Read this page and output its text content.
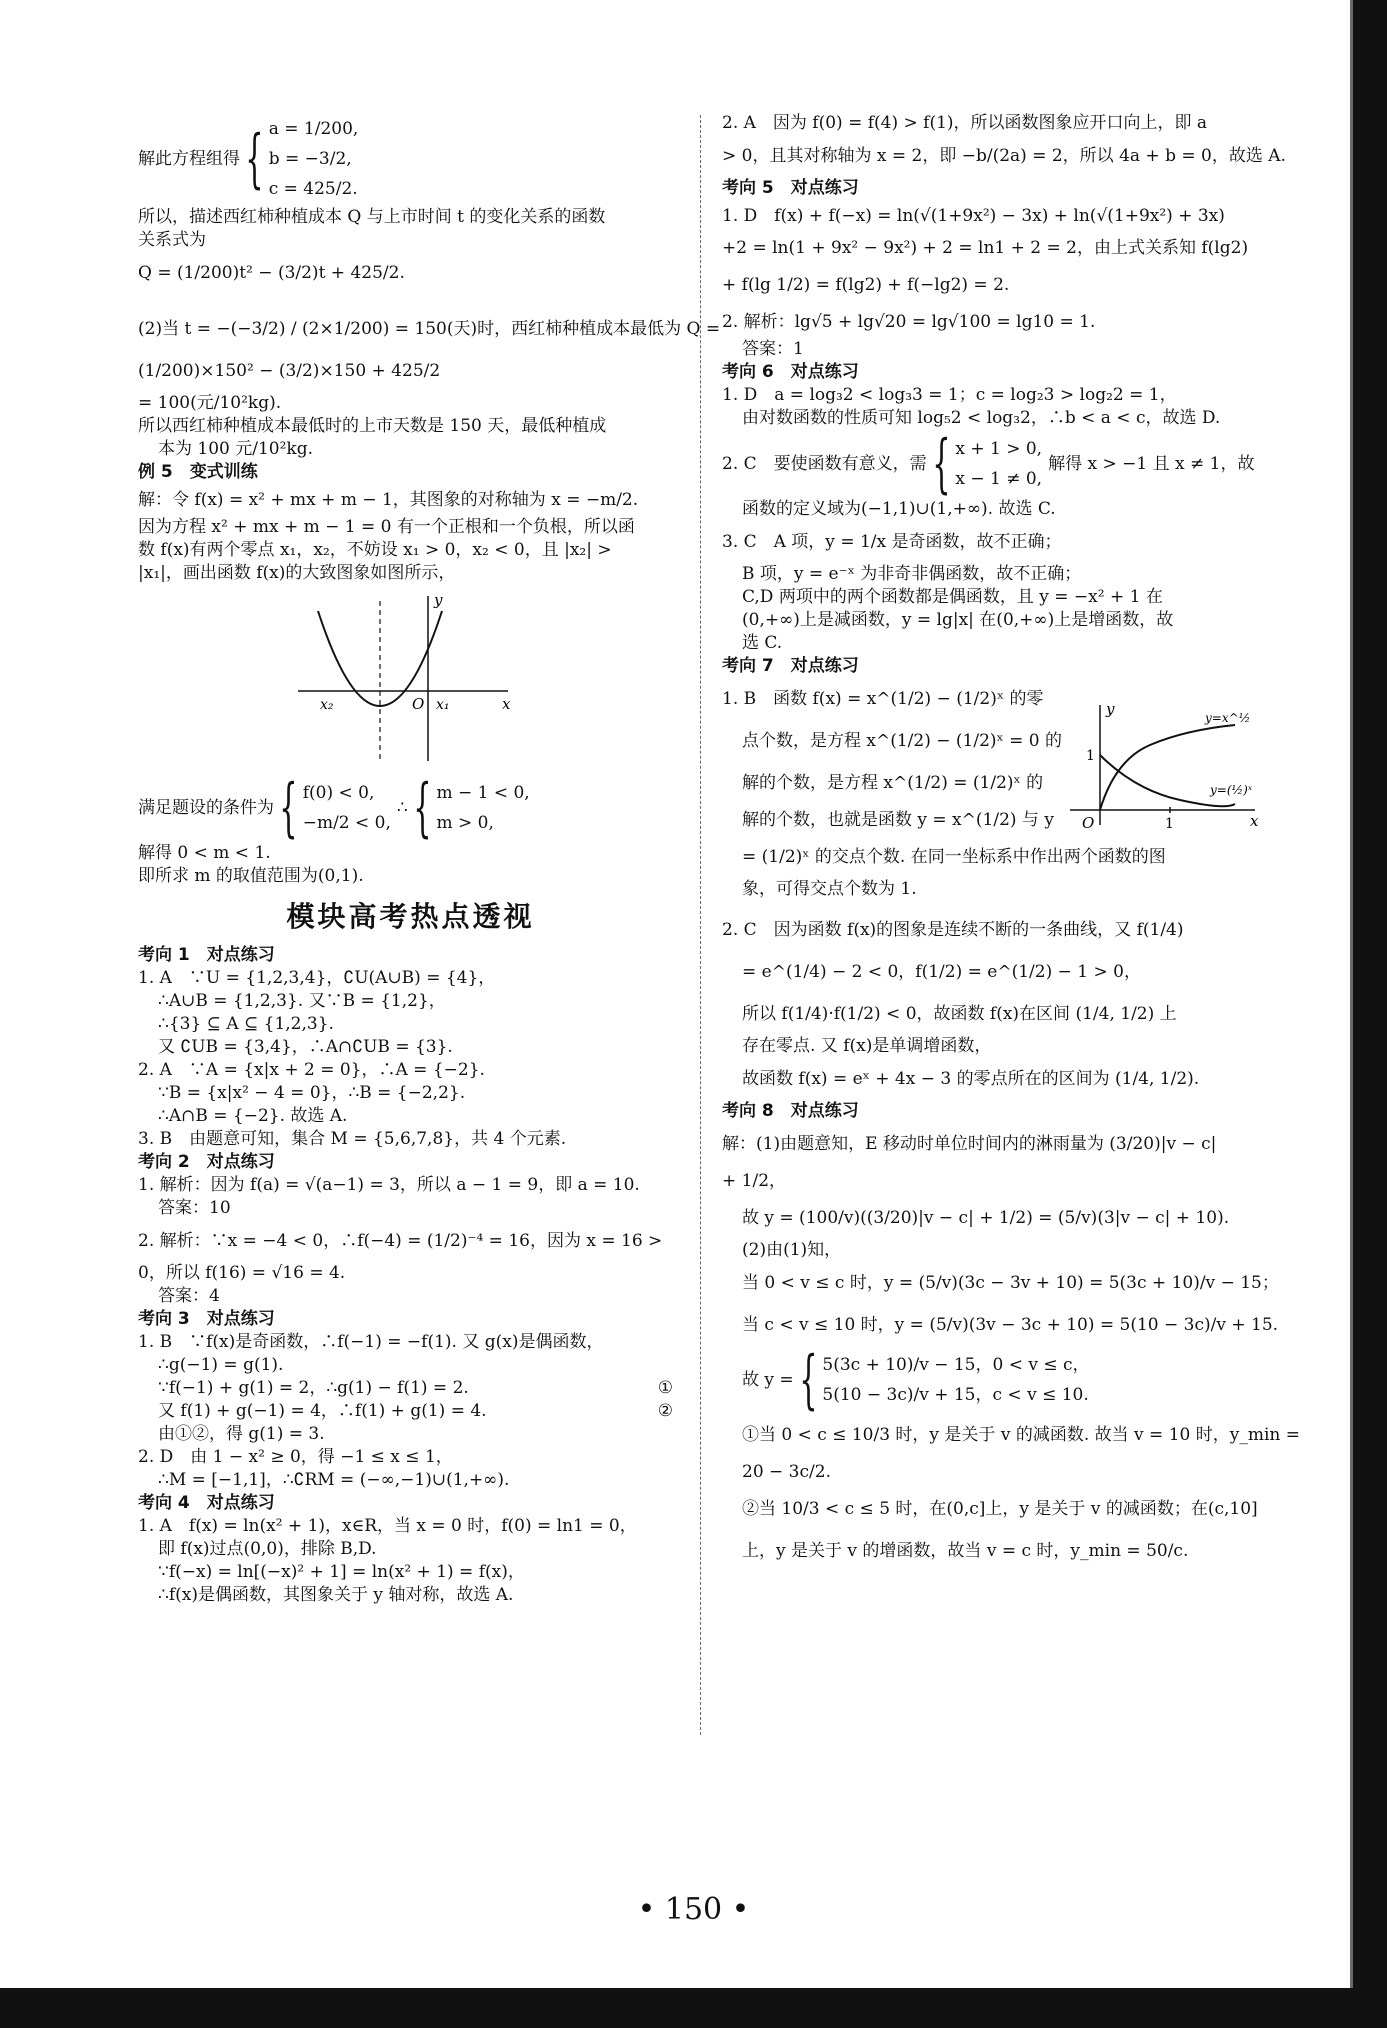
解此方程组得 { a = 1/200,
b = −3/2,
c = 425/2.
所以，描述西红柿种植成本 Q 与上市时间 t 的变化关系的函数
关系式为
Q = (1/200)t² − (3/2)t + 425/2.
(2)当 t = −(−3/2) / (2×1/200) = 150(天)时，西红柿种植成本最低为 Q =
(1/200)×150² − (3/2)×150 + 425/2
= 100(元/10²kg).
所以西红柿种植成本最低时的上市天数是 150 天，最低种植成
本为 100 元/10²kg.
例 5　变式训练
解：令 f(x) = x² + mx + m − 1，其图象的对称轴为 x = −m/2.
因为方程 x² + mx + m − 1 = 0 有一个正根和一个负根，所以函
数 f(x)有两个零点 x₁，x₂，不妨设 x₁ > 0，x₂ < 0，且 |x₂| >
|x₁|，画出函数 f(x)的大致图象如图所示，
y
x
x₁
x₂	O
满足题设的条件为 { f(0) < 0,
−m/2 < 0,
∴ { m − 1 < 0,
m > 0,
解得 0 < m < 1.
即所求 m 的取值范围为(0,1).
模块高考热点透视
考向 1　对点练习
1. A　∵U = {1,2,3,4}，∁U(A∪B) = {4}，
∴A∪B = {1,2,3}. 又∵B = {1,2}，
∴{3} ⊆ A ⊆ {1,2,3}.
又 ∁UB = {3,4}，∴A∩∁UB = {3}.
2. A　∵A = {x|x + 2 = 0}，∴A = {−2}.
∵B = {x|x² − 4 = 0}，∴B = {−2,2}.
∴A∩B = {−2}. 故选 A.
3. B　由题意可知，集合 M = {5,6,7,8}，共 4 个元素.
考向 2　对点练习
1. 解析：因为 f(a) = √(a−1) = 3，所以 a − 1 = 9，即 a = 10.
答案：10
2. 解析：∵x = −4 < 0，∴f(−4) = (1/2)⁻⁴ = 16，因为 x = 16 >
0，所以 f(16) = √16 = 4.
答案：4
考向 3　对点练习
1. B　∵f(x)是奇函数，∴f(−1) = −f(1). 又 g(x)是偶函数，
∴g(−1) = g(1).
∵f(−1) + g(1) = 2，∴g(1) − f(1) = 2.	①
又 f(1) + g(−1) = 4，∴f(1) + g(1) = 4.	②
由①②，得 g(1) = 3.
2. D　由 1 − x² ≥ 0，得 −1 ≤ x ≤ 1，
∴M = [−1,1]，∴∁RM = (−∞,−1)∪(1,+∞).
考向 4　对点练习
1. A　f(x) = ln(x² + 1)，x∈R，当 x = 0 时，f(0) = ln1 = 0，
即 f(x)过点(0,0)，排除 B,D.
∵f(−x) = ln[(−x)² + 1] = ln(x² + 1) = f(x)，
∴f(x)是偶函数，其图象关于 y 轴对称，故选 A.
2. A　因为 f(0) = f(4) > f(1)，所以函数图象应开口向上，即 a
> 0，且其对称轴为 x = 2，即 −b/(2a) = 2，所以 4a + b = 0，故选 A.
考向 5　对点练习
1. D　f(x) + f(−x) = ln(√(1+9x²) − 3x) + ln(√(1+9x²) + 3x)
+2 = ln(1 + 9x² − 9x²) + 2 = ln1 + 2 = 2，由上式关系知 f(lg2)
+ f(lg 1/2) = f(lg2) + f(−lg2) = 2.
2. 解析：lg√5 + lg√20 = lg√100 = lg10 = 1.
答案：1
考向 6　对点练习
1. D　a = log₃2 < log₃3 = 1；c = log₂3 > log₂2 = 1，
由对数函数的性质可知 log₅2 < log₃2，∴b < a < c，故选 D.
2. C　要使函数有意义，需 { x + 1 > 0,
x − 1 ≠ 0,
解得 x > −1 且 x ≠ 1，故
函数的定义域为(−1,1)∪(1,+∞). 故选 C.
3. C　A 项，y = 1/x 是奇函数，故不正确；
B 项，y = e⁻ˣ 为非奇非偶函数，故不正确；
C,D 两项中的两个函数都是偶函数，且 y = −x² + 1 在
(0,+∞)上是减函数，y = lg|x| 在(0,+∞)上是增函数，故
选 C.
考向 7　对点练习
1. B　函数 f(x) = x^(1/2) − (1/2)ˣ 的零
点个数，是方程 x^(1/2) − (1/2)ˣ = 0 的
解的个数，是方程 x^(1/2) = (1/2)ˣ 的
解的个数，也就是函数 y = x^(1/2) 与 y
= (1/2)ˣ 的交点个数. 在同一坐标系中作出两个函数的图
象，可得交点个数为 1.
2. C　因为函数 f(x)的图象是连续不断的一条曲线，又 f(1/4)
= e^(1/4) − 2 < 0，f(1/2) = e^(1/2) − 1 > 0，
所以 f(1/4)·f(1/2) < 0，故函数 f(x)在区间 (1/4, 1/2) 上
存在零点. 又 f(x)是单调增函数，
故函数 f(x) = eˣ + 4x − 3 的零点所在的区间为 (1/4, 1/2).
考向 8　对点练习
解：(1)由题意知，E 移动时单位时间内的淋雨量为 (3/20)|v − c|
+ 1/2，
故 y = (100/v)((3/20)|v − c| + 1/2) = (5/v)(3|v − c| + 10).
(2)由(1)知，
当 0 < v ≤ c 时，y = (5/v)(3c − 3v + 10) = 5(3c + 10)/v − 15；
当 c < v ≤ 10 时，y = (5/v)(3v − 3c + 10) = 5(10 − 3c)/v + 15.
故 y = { 5(3c + 10)/v − 15，0 < v ≤ c，
5(10 − 3c)/v + 15，c < v ≤ 10.
①当 0 < c ≤ 10/3 时，y 是关于 v 的减函数. 故当 v = 10 时，y_min =
20 − 3c/2.
②当 10/3 < c ≤ 5 时，在(0,c]上，y 是关于 v 的减函数；在(c,10]
上，y 是关于 v 的增函数，故当 v = c 时，y_min = 50/c.
y
x
O	1
1
y=x^½
y=(½)ˣ
• 150 •
